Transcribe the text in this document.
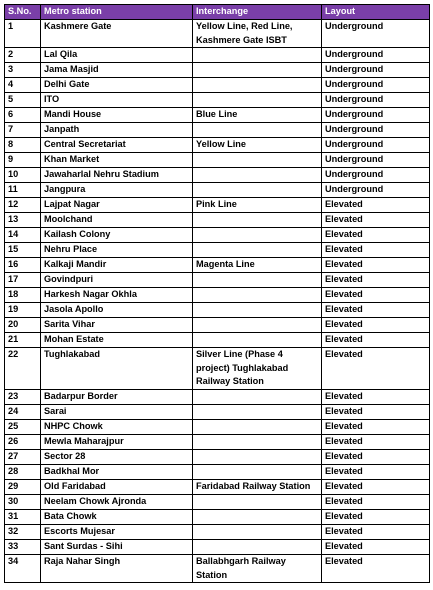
S.No.	Metro station	Interchange	Layout
1	Kashmere Gate	Yellow Line, Red Line, Kashmere Gate ISBT	Underground
2	Lal Qila		Underground
3	Jama Masjid		Underground
4	Delhi Gate		Underground
5	ITO		Underground
6	Mandi House	Blue Line	Underground
7	Janpath		Underground
8	Central Secretariat	Yellow Line	Underground
9	Khan Market		Underground
10	Jawaharlal Nehru Stadium		Underground
11	Jangpura		Underground
12	Lajpat Nagar	Pink Line	Elevated
13	Moolchand		Elevated
14	Kailash Colony		Elevated
15	Nehru Place		Elevated
16	Kalkaji Mandir	Magenta Line	Elevated
17	Govindpuri		Elevated
18	Harkesh Nagar Okhla		Elevated
19	Jasola Apollo		Elevated
20	Sarita Vihar		Elevated
21	Mohan Estate		Elevated
22	Tughlakabad	Silver Line (Phase 4 project) Tughlakabad Railway Station	Elevated
23	Badarpur Border		Elevated
24	Sarai		Elevated
25	NHPC Chowk		Elevated
26	Mewla Maharajpur		Elevated
27	Sector 28		Elevated
28	Badkhal Mor		Elevated
29	Old Faridabad	Faridabad Railway Station	Elevated
30	Neelam Chowk Ajronda		Elevated
31	Bata Chowk		Elevated
32	Escorts Mujesar		Elevated
33	Sant Surdas - Sihi		Elevated
34	Raja Nahar Singh	Ballabhgarh Railway Station	Elevated
